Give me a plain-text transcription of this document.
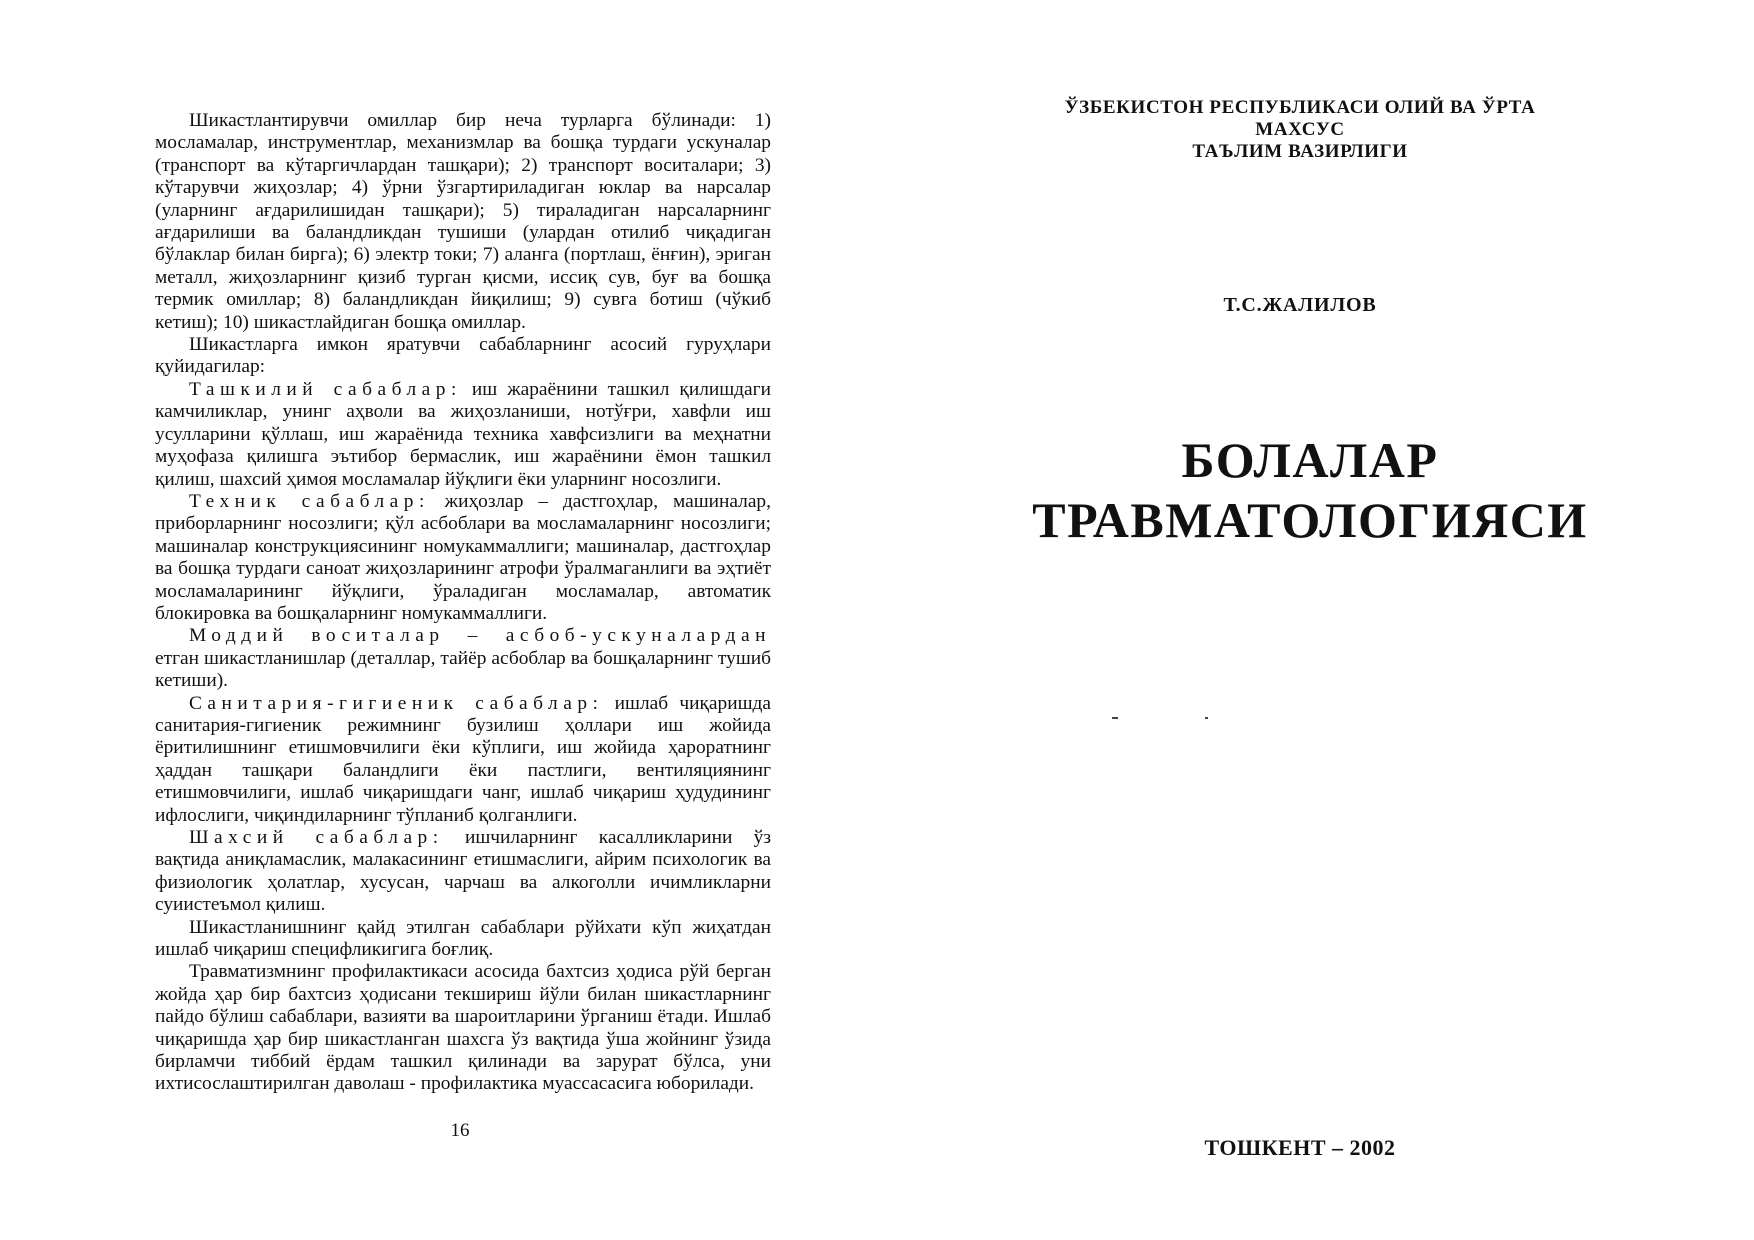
Шикастлантирувчи омиллар бир неча турларга бўлинади: 1) мосламалар, инструментлар, механизмлар ва бошқа турдаги ускуналар (транспорт ва кўтаргичлардан ташқари); 2) транспорт воситалари; 3) кўтарувчи жиҳозлар; 4) ўрни ўзгартириладиган юклар ва нарсалар (уларнинг ағдарилишидан ташқари); 5) тираладиган нарсаларнинг ағдарилиши ва баландликдан тушиши (улардан отилиб чиқадиган бўлаклар билан бирга); 6) электр токи; 7) аланга (портлаш, ёнғин), эриган металл, жиҳозларнинг қизиб турган қисми, иссиқ сув, буғ ва бошқа термик омиллар; 8) баландликдан йиқилиш; 9) сувга ботиш (чўкиб кетиш); 10) шикастлайдиган бошқа омиллар.

Шикастларга имкон яратувчи сабабларнинг асосий гуруҳлари қуйидагилар:

Ташкилий сабаблар: иш жараёнини ташкил қилишдаги камчиликлар, унинг аҳволи ва жиҳозланиши, нотўғри, хавфли иш усулларини қўллаш, иш жараёнида техника хавфсизлиги ва меҳнатни муҳофаза қилишга эътибор бермаслик, иш жараёнини ёмон ташкил қилиш, шахсий ҳимоя мосламалар йўқлиги ёки уларнинг носозлиги.

Техник сабаблар: жиҳозлар – дастгоҳлар, машиналар, приборларнинг носозлиги; қўл асбоблари ва мосламаларнинг носозлиги; машиналар конструкциясининг номукаммаллиги; машиналар, дастгоҳлар ва бошқа турдаги саноат жиҳозларининг атрофи ўралмаганлиги ва эҳтиёт мосламаларининг йўқлиги, ўраладиган мосламалар, автоматик блокировка ва бошқаларнинг номукаммаллиги.

Моддий воситалар – асбоб-ускуналардан етган шикастланишлар (деталлар, тайёр асбоблар ва бошқаларнинг тушиб кетиши).

Санитария-гигиеник сабаблар: ишлаб чиқаришда санитария-гигиеник режимнинг бузилиш ҳоллари иш жойида ёритилишнинг етишмовчилиги ёки кўплиги, иш жойида ҳароратнинг ҳаддан ташқари баландлиги ёки пастлиги, вентиляциянинг етишмовчилиги, ишлаб чиқаришдаги чанг, ишлаб чиқариш ҳудудининг ифлослиги, чиқиндиларнинг тўпланиб қолганлиги.

Шахсий сабаблар: ишчиларнинг касалликларини ўз вақтида аниқламаслик, малакасининг етишмаслиги, айрим психологик ва физиологик ҳолатлар, хусусан, чарчаш ва алкоголли ичимликларни суиистеъмол қилиш.

Шикастланишнинг қайд этилган сабаблари рўйхати кўп жиҳатдан ишлаб чиқариш специфликигига боғлиқ.

Травматизмнинг профилактикаси асосида бахтсиз ҳодиса рўй берган жойда ҳар бир бахтсиз ҳодисани текшириш йўли билан шикастларнинг пайдо бўлиш сабаблари, вазияти ва шароитларини ўрганиш ётади. Ишлаб чиқаришда ҳар бир шикастланган шахсга ўз вақтида ўша жойнинг ўзида бирламчи тиббий ёрдам ташкил қилинади ва зарурат бўлса, уни ихтисослаштирилган даволаш - профилактика муассасасига юборилади.

16
ЎЗБЕКИСТОН РЕСПУБЛИКАСИ ОЛИЙ ВА ЎРТА МАХСУС
ТАЪЛИМ ВАЗИРЛИГИ
Т.С.ЖАЛИЛОВ
БОЛАЛАР
ТРАВМАТОЛОГИЯСИ
ТОШКЕНТ – 2002
